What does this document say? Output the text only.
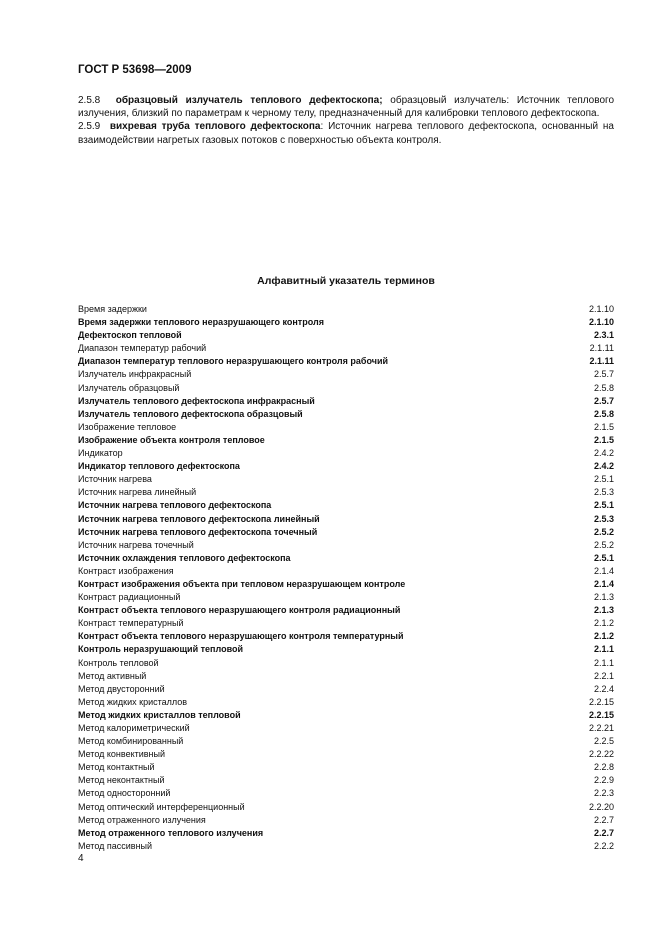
ГОСТ Р 53698—2009

2.5.8 образцовый излучатель теплового дефектоскопа; образцовый излучатель: Источник теплового излучения, близкий по параметрам к черному телу, предназначенный для калибровки теплового дефектоскопа.

2.5.9 вихревая труба теплового дефектоскопа: Источник нагрева теплового дефектоскопа, основанный на взаимодействии нагретых газовых потоков с поверхностью объекта контроля.

Алфавитный указатель терминов
Время задержки	2.1.10
Время задержки теплового неразрушающего контроля	2.1.10
Дефектоскоп тепловой	2.3.1
Диапазон температур рабочий	2.1.11
Диапазон температур теплового неразрушающего контроля рабочий	2.1.11
Излучатель инфракрасный	2.5.7
Излучатель образцовый	2.5.8
Излучатель теплового дефектоскопа инфракрасный	2.5.7
Излучатель теплового дефектоскопа образцовый	2.5.8
Изображение тепловое	2.1.5
Изображение объекта контроля тепловое	2.1.5
Индикатор	2.4.2
Индикатор теплового дефектоскопа	2.4.2
Источник нагрева	2.5.1
Источник нагрева линейный	2.5.3
Источник нагрева теплового дефектоскопа	2.5.1
Источник нагрева теплового дефектоскопа линейный	2.5.3
Источник нагрева теплового дефектоскопа точечный	2.5.2
Источник нагрева точечный	2.5.2
Источник охлаждения теплового дефектоскопа	2.5.1
Контраст изображения	2.1.4
Контраст изображения объекта при тепловом неразрушающем контроле	2.1.4
Контраст радиационный	2.1.3
Контраст объекта теплового неразрушающего контроля радиационный	2.1.3
Контраст температурный	2.1.2
Контраст объекта теплового неразрушающего контроля температурный	2.1.2
Контроль неразрушающий тепловой	2.1.1
Контроль тепловой	2.1.1
Метод активный	2.2.1
Метод двусторонний	2.2.4
Метод жидких кристаллов	2.2.15
Метод жидких кристаллов тепловой	2.2.15
Метод калориметрический	2.2.21
Метод комбинированный	2.2.5
Метод конвективный	2.2.22
Метод контактный	2.2.8
Метод неконтактный	2.2.9
Метод односторонний	2.2.3
Метод оптический интерференционный	2.2.20
Метод отраженного излучения	2.2.7
Метод отраженного теплового излучения	2.2.7
Метод пассивный	2.2.2
4
